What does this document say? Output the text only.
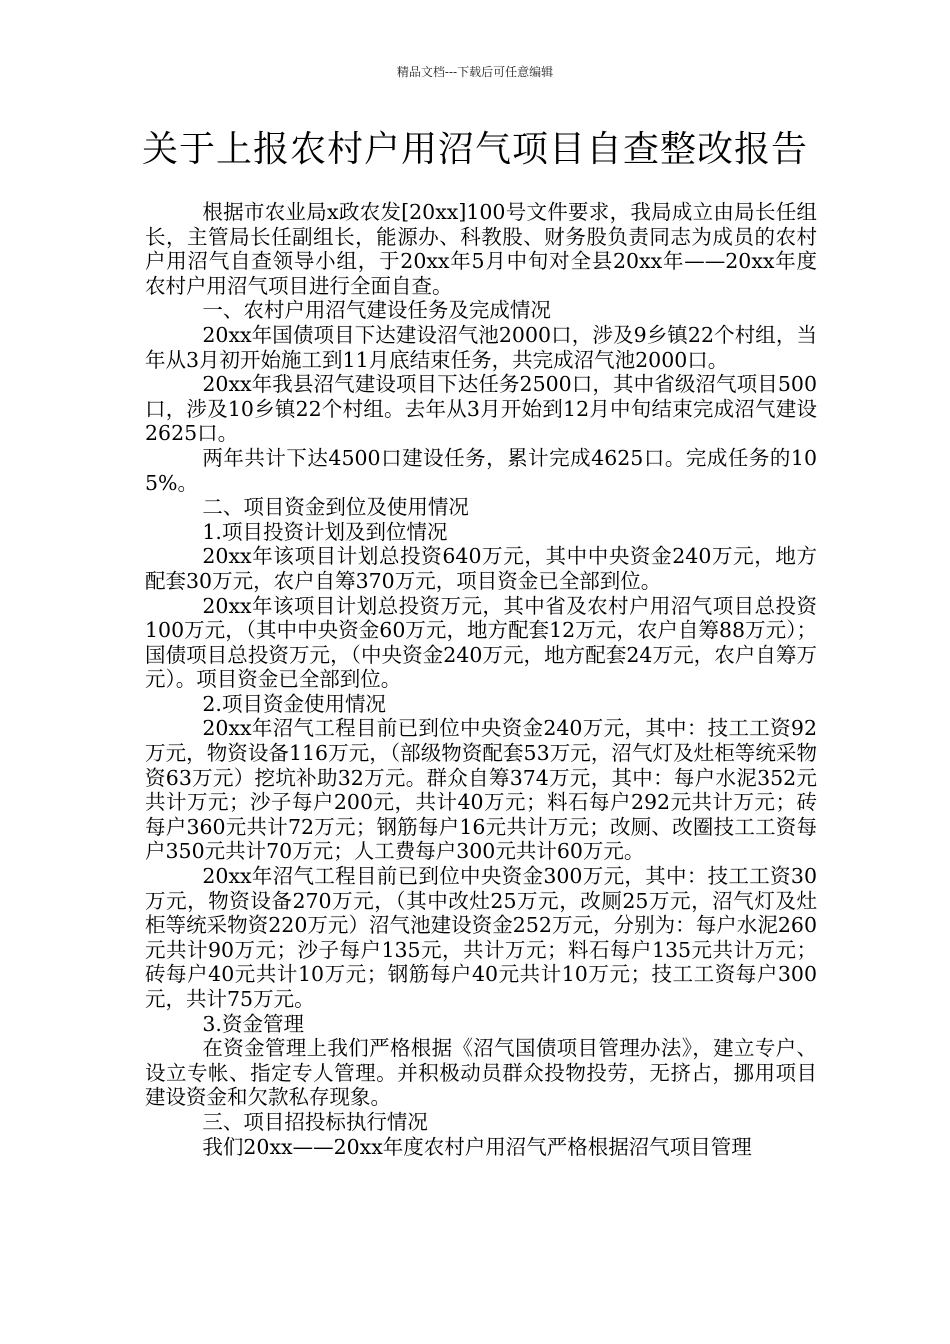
精品文档---下载后可任意编辑
关于上报农村户用沼气项目自查整改报告

根据市农业局x政农发[20xx]100号文件要求，我局成立由局长任组长，主管局长任副组长，能源办、科教股、财务股负责同志为成员的农村户用沼气自查领导小组，于20xx年5月中旬对全县20xx年——20xx年度农村户用沼气项目进行全面自查。

一、农村户用沼气建设任务及完成情况

20xx年国债项目下达建设沼气池2000口，涉及9乡镇22个村组，当年从3月初开始施工到11月底结束任务，共完成沼气池2000口。

20xx年我县沼气建设项目下达任务2500口，其中省级沼气项目500口，涉及10乡镇22个村组。去年从3月开始到12月中旬结束完成沼气建设2625口。

两年共计下达4500口建设任务，累计完成4625口。完成任务的105%。

二、项目资金到位及使用情况

1.项目投资计划及到位情况

20xx年该项目计划总投资640万元，其中中央资金240万元，地方配套30万元，农户自筹370万元，项目资金已全部到位。

20xx年该项目计划总投资万元，其中省及农村户用沼气项目总投资100万元，（其中中央资金60万元，地方配套12万元，农户自筹88万元）；国债项目总投资万元，（中央资金240万元，地方配套24万元，农户自筹万元）。项目资金已全部到位。

2.项目资金使用情况

20xx年沼气工程目前已到位中央资金240万元，其中：技工工资92万元，物资设备116万元，（部级物资配套53万元，沼气灯及灶柜等统采物资63万元）挖坑补助32万元。群众自筹374万元，其中：每户水泥352元共计万元；沙子每户200元，共计40万元；料石每户292元共计万元；砖每户360元共计72万元；钢筋每户16元共计万元；改厕、改圈技工工资每户350元共计70万元；人工费每户300元共计60万元。

20xx年沼气工程目前已到位中央资金300万元，其中：技工工资30万元，物资设备270万元，（其中改灶25万元，改厕25万元，沼气灯及灶柜等统采物资220万元）沼气池建设资金252万元，分别为：每户水泥260元共计90万元；沙子每户135元，共计万元；料石每户135元共计万元；砖每户40元共计10万元；钢筋每户40元共计10万元；技工工资每户300元，共计75万元。

3.资金管理

在资金管理上我们严格根据《沼气国债项目管理办法》，建立专户、设立专帐、指定专人管理。并积极动员群众投物投劳，无挤占，挪用项目建设资金和欠款私存现象。

三、项目招投标执行情况

我们20xx——20xx年度农村户用沼气严格根据沼气项目管理
